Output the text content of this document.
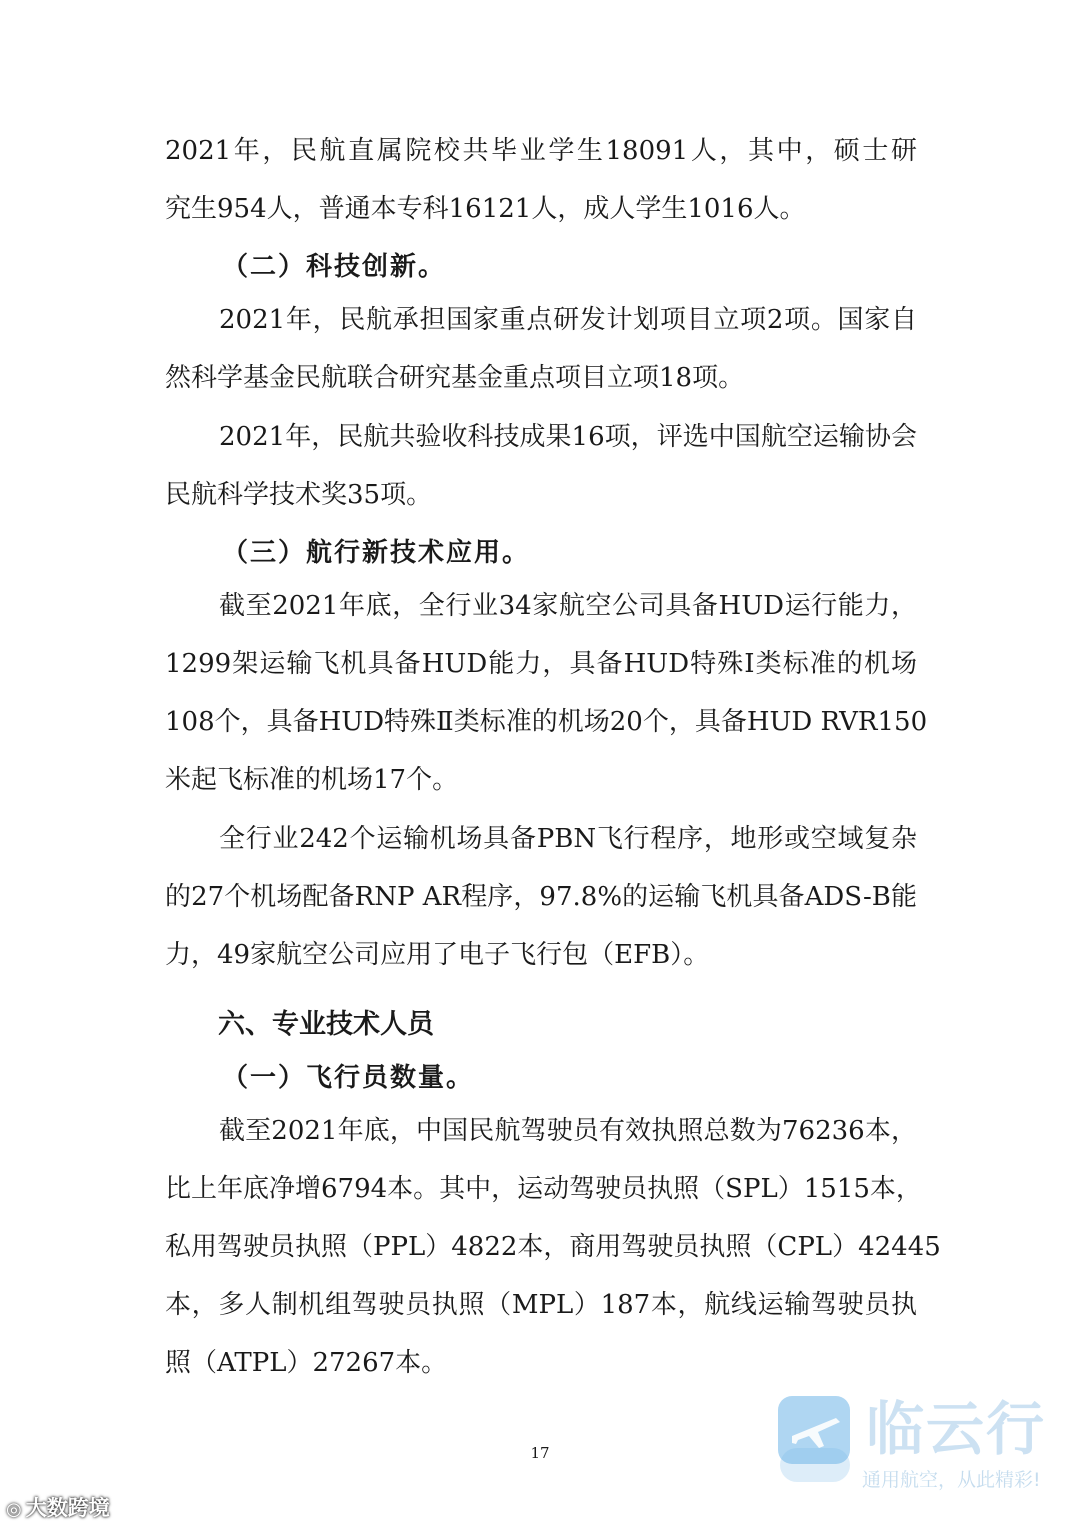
2021年，民航直属院校共毕业学生18091人，其中，硕士研
究生954人，普通本专科16121人，成人学生1016人。
（二）科技创新。
2021年，民航承担国家重点研发计划项目立项2项。国家自
然科学基金民航联合研究基金重点项目立项18项。
2021年，民航共验收科技成果16项，评选中国航空运输协会
民航科学技术奖35项。
（三）航行新技术应用。
截至2021年底，全行业34家航空公司具备HUD运行能力，
1299架运输飞机具备HUD能力，具备HUD特殊Ⅰ类标准的机场
108个，具备HUD特殊Ⅱ类标准的机场20个，具备HUD RVR150
米起飞标准的机场17个。
全行业242个运输机场具备PBN飞行程序，地形或空域复杂
的27个机场配备RNP AR程序，97.8%的运输飞机具备ADS-B能
力，49家航空公司应用了电子飞行包（EFB）。
六、专业技术人员
（一）飞行员数量。
截至2021年底，中国民航驾驶员有效执照总数为76236本，
比上年底净增6794本。其中，运动驾驶员执照（SPL）1515本，
私用驾驶员执照（PPL）4822本，商用驾驶员执照（CPL）42445
本，多人制机组驾驶员执照（MPL）187本，航线运输驾驶员执
照（ATPL）27267本。
17	临云行
通用航空，从此精彩!
◎ 大数跨境
